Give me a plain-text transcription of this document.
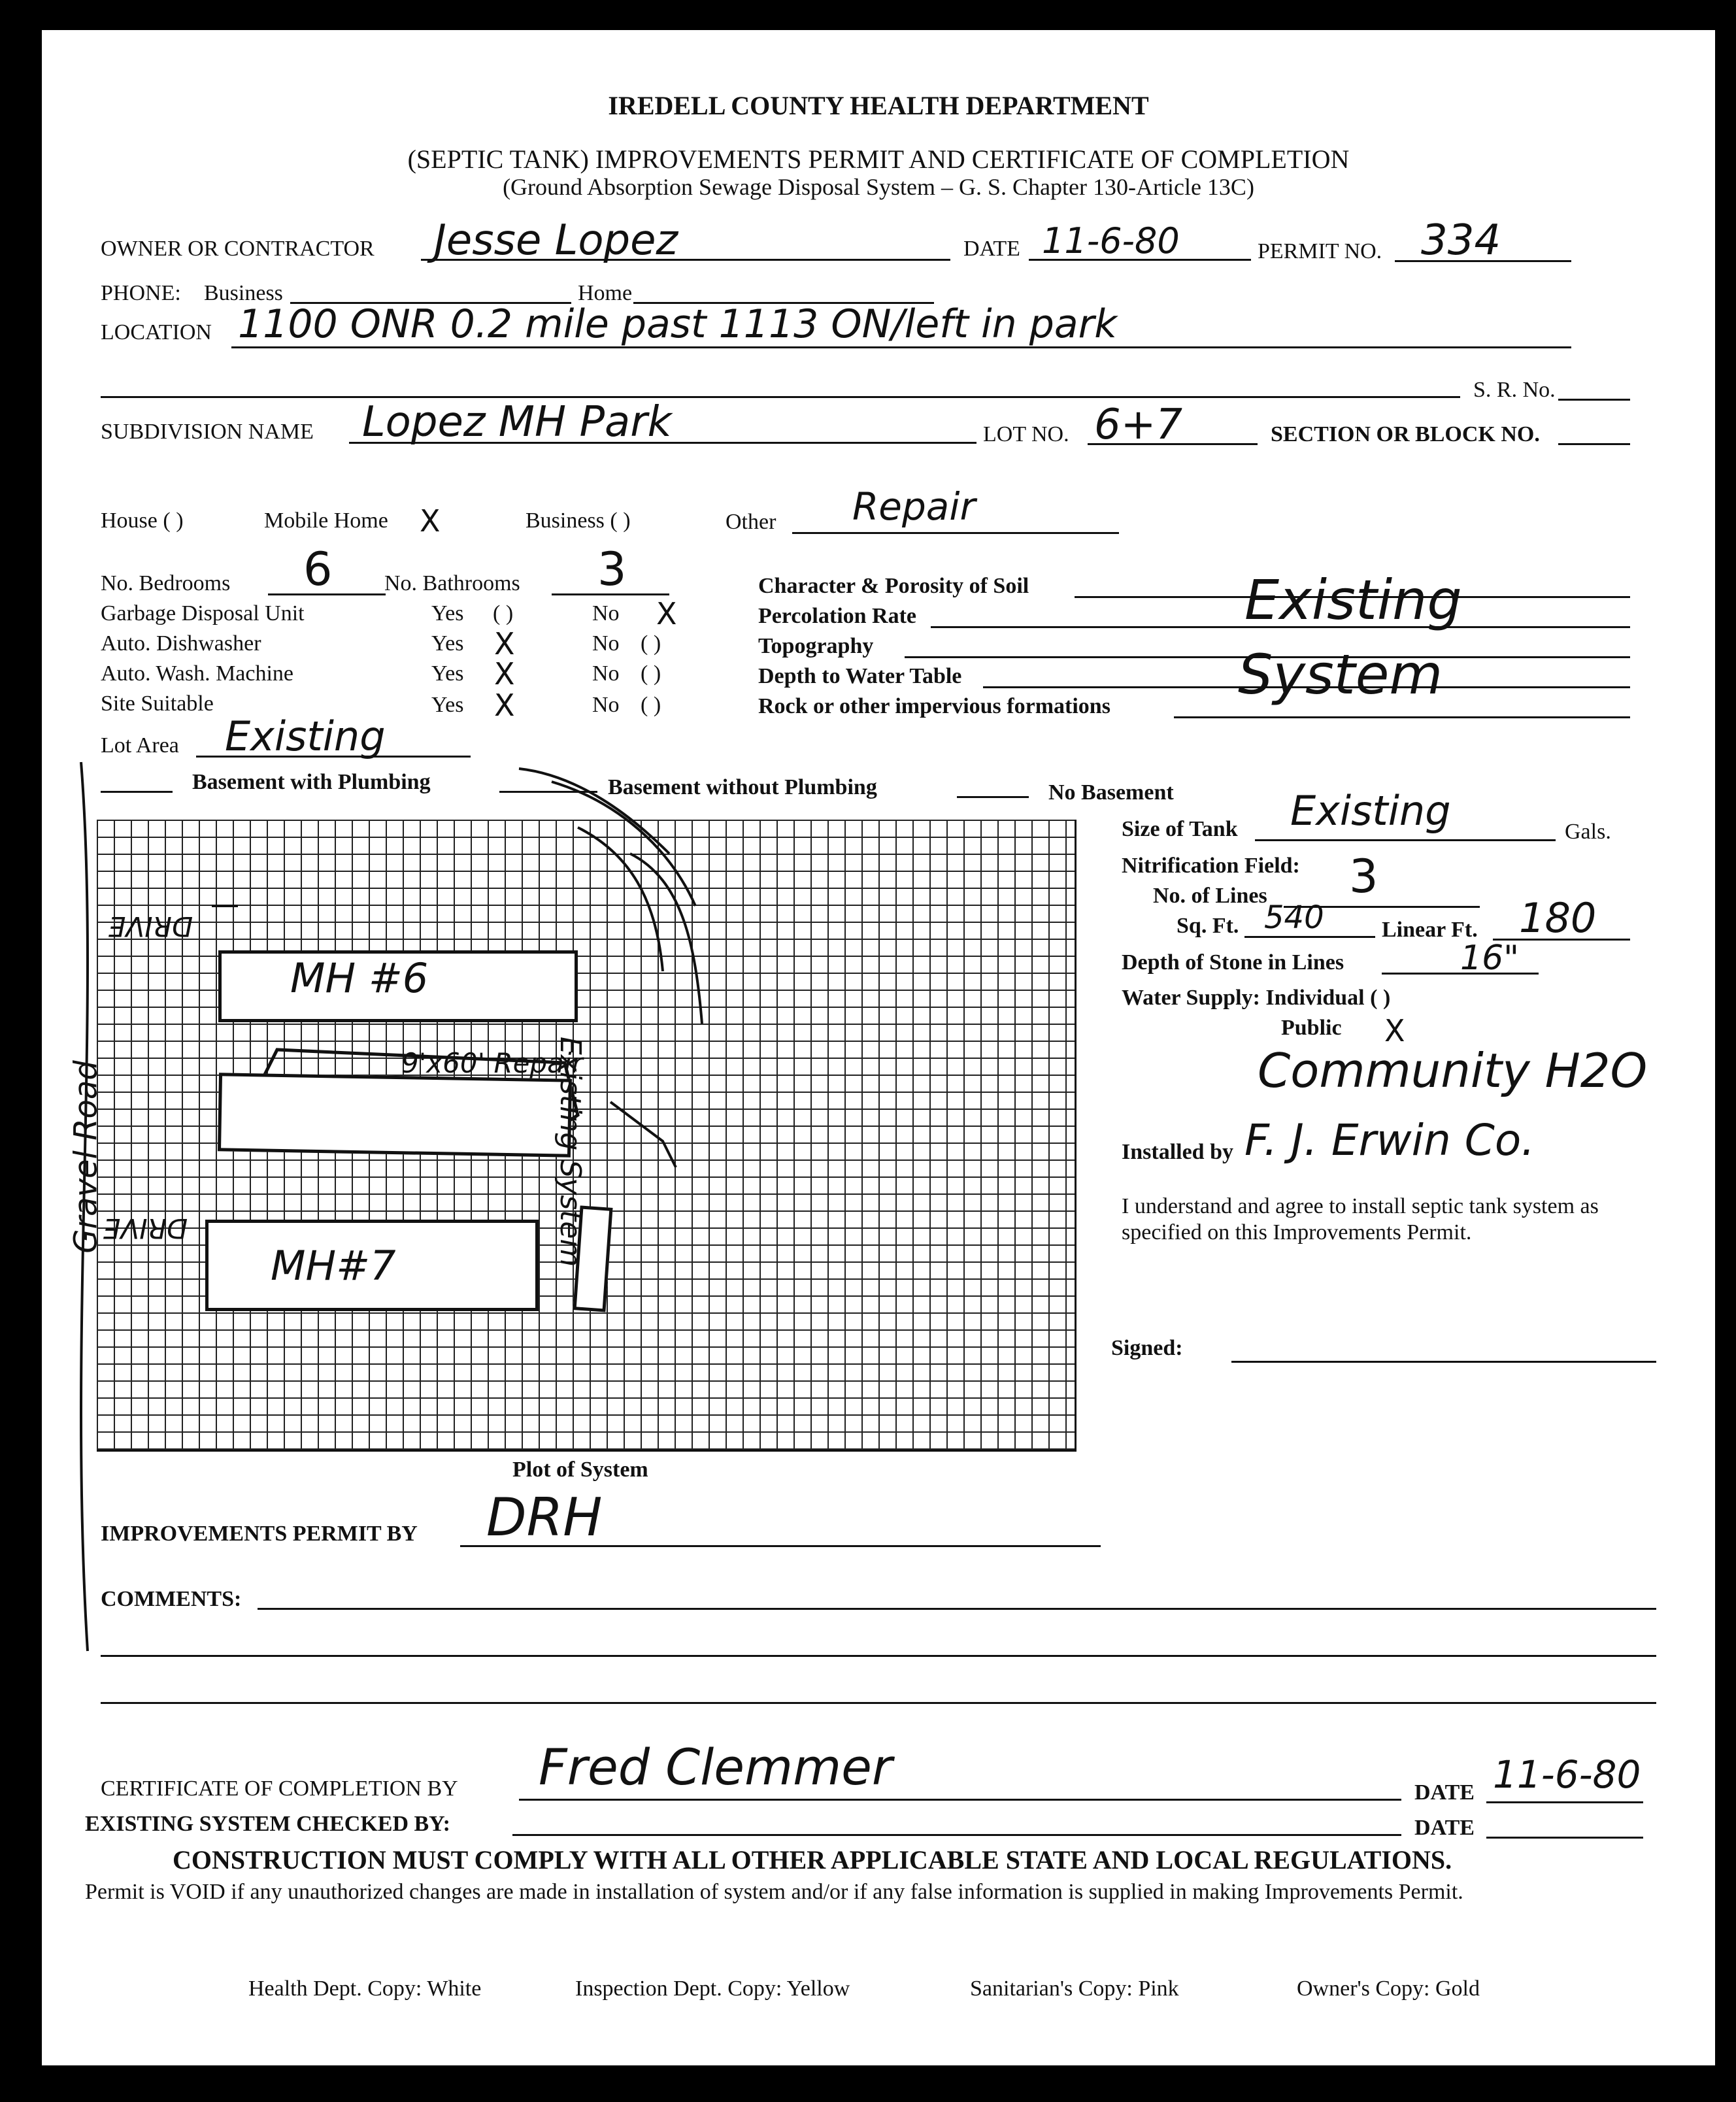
IREDELL COUNTY HEALTH DEPARTMENT
(SEPTIC TANK) IMPROVEMENTS PERMIT AND CERTIFICATE OF COMPLETION
(Ground Absorption Sewage Disposal System – G. S. Chapter 130-Article 13C)
OWNER OR CONTRACTOR Jesse Lopez	DATE 11-6-80	PERMIT NO. 334
PHONE: Business	Home
LOCATION 1100 ONR 0.2 mile past 1113 ON/left in park
S. R. No.
SUBDIVISION NAME Lopez MH Park	LOT NO. 6+7	SECTION OR BLOCK NO.
House ( )	Mobile Home X	Business ( )	Other Repair
No. Bedrooms 6 No. Bathrooms 3
Garbage Disposal Unit	Yes ( )	No X
Auto. Dishwasher	Yes X	No ( )
Auto. Wash. Machine	Yes X	No ( )
Site Suitable	Yes X	No ( )
Character & Porosity of Soil
Percolation Rate	Existing
Topography
Depth to Water Table	System
Rock or other impervious formations
Lot Area Existing
Basement with Plumbing	Basement without Plumbing	No Basement
MH #6
9'x60' Repair
MH#7
DRIVE
DRIVE	Existing System
Gravel Road
Plot of System
Size of Tank Existing	Gals.
Nitrification Field:
No. of Lines 3
Sq. Ft. 540	Linear Ft. 180
Depth of Stone in Lines	16"
Water Supply: Individual ( )
Public X
Community H2O
Installed by F. J. Erwin Co.
I understand and agree to install septic tank system as specified on this Improvements Permit.
Signed:
IMPROVEMENTS PERMIT BY DRH
COMMENTS:
CERTIFICATE OF COMPLETION BY Fred Clemmer	DATE 11-6-80
EXISTING SYSTEM CHECKED BY:	DATE
CONSTRUCTION MUST COMPLY WITH ALL OTHER APPLICABLE STATE AND LOCAL REGULATIONS.
Permit is VOID if any unauthorized changes are made in installation of system and/or if any false information is supplied in making Improvements Permit.
Health Dept. Copy: White	Inspection Dept. Copy: Yellow	Sanitarian's Copy: Pink	Owner's Copy: Gold
